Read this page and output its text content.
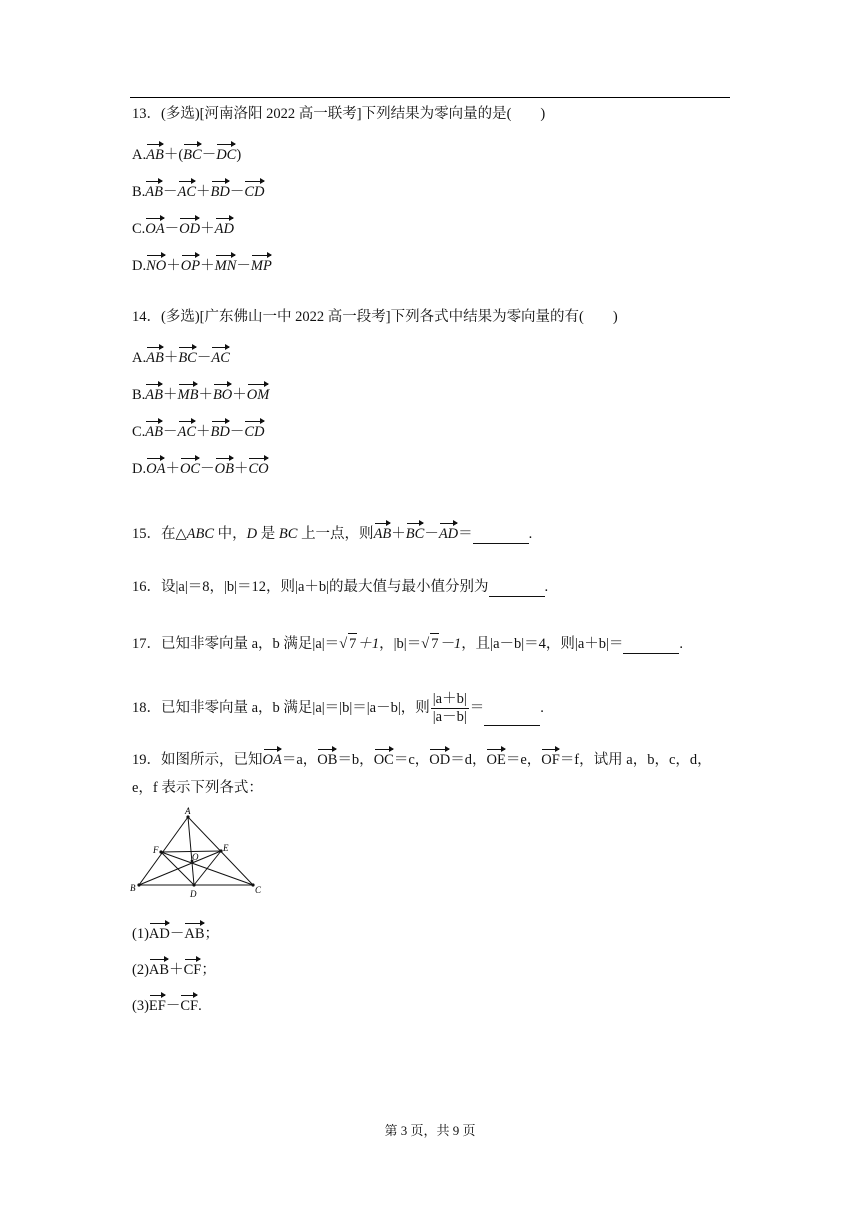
13．(多选)[河南洛阳 2022 高一联考]下列结果为零向量的是(　　)
A.AB＋(BC－DC)
B.AB－AC＋BD－CD
C.OA－OD＋AD
D.NO＋OP＋MN－MP
14．(多选)[广东佛山一中 2022 高一段考]下列各式中结果为零向量的有(　　)
A.AB＋BC－AC
B.AB＋MB＋BO＋OM
C.AB－AC＋BD－CD
D.OA＋OC－OB＋CO
15．在△ABC 中，D 是 BC 上一点，则AB＋BC－AD＝	.
16．设|a|＝8，|b|＝12，则|a＋b|的最大值与最小值分别为	.
17．已知非零向量 a，b 满足|a|＝√ 7＋1，|b|＝√ 7－1，且|a－b|＝4，则|a＋b|＝	.
18．已知非零向量 a，b 满足|a|＝|b|＝|a－b|，则 $\frac{|a+b|}{|a-b|}$ ＝	.
19．如图所示，已知OA＝a，OB＝b，OC＝c，OD＝d，OE＝e，OF＝f，试用 a，b，c，d，
e，f 表示下列各式：
A
B	C
D
E
F
O
(1)AD－AB；
(2)AB＋CF；
(3)EF－CF.
第 3 页，共 9 页
